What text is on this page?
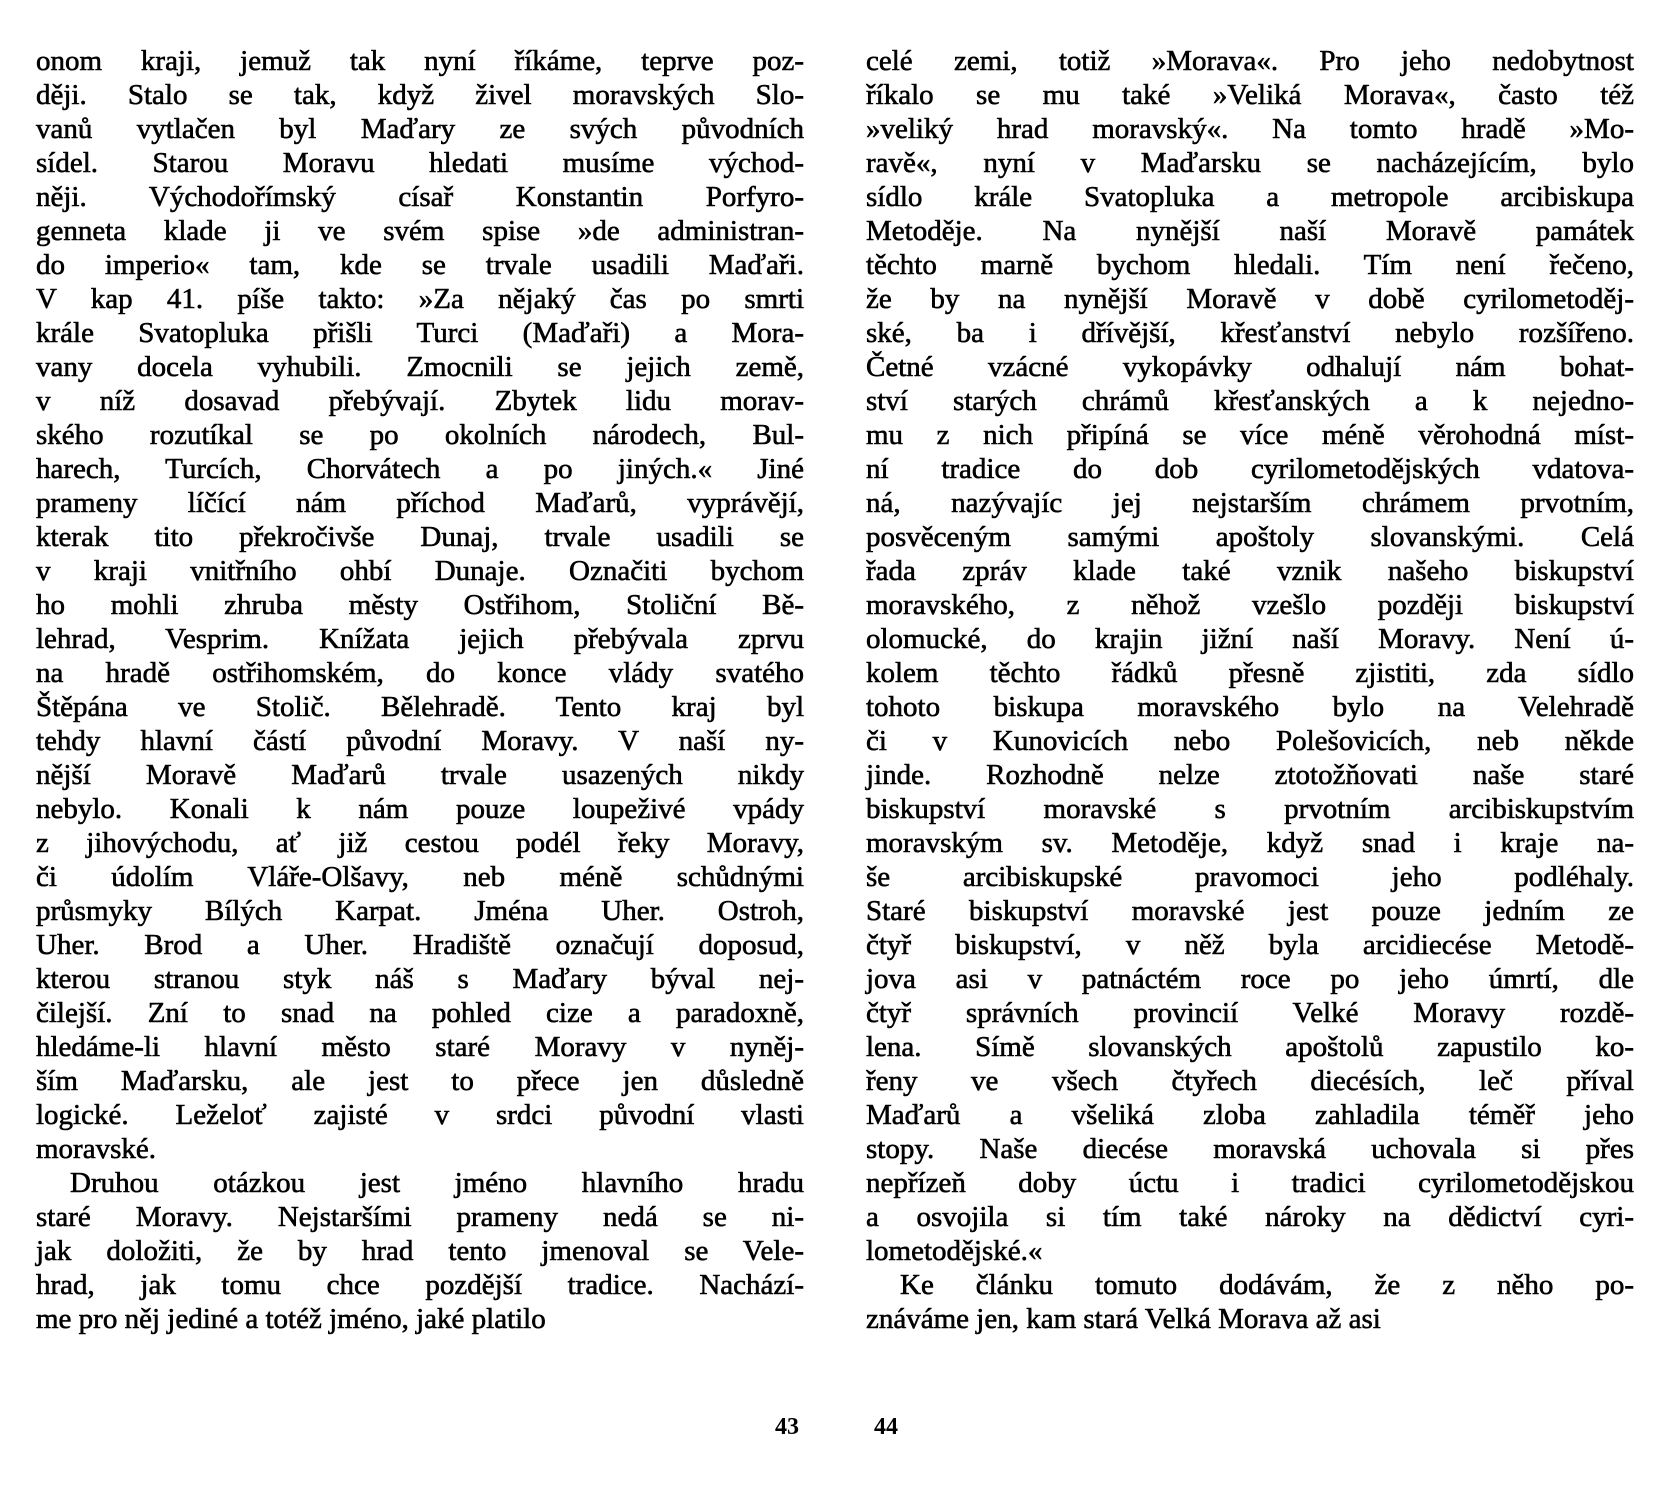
onom kraji, jemuž tak nyní říkáme, teprve poz-
ději. Stalo se tak, když živel moravských Slo-
vanů vytlačen byl Maďary ze svých původních
sídel. Starou Moravu hledati musíme východ-
něji. Východořímský císař Konstantin Porfyro-
genneta klade ji ve svém spise »de administran-
do imperio« tam, kde se trvale usadili Maďaři.
V kap 41. píše takto: »Za nějaký čas po smrti
krále Svatopluka přišli Turci (Maďaři) a Mora-
vany docela vyhubili. Zmocnili se jejich země,
v níž dosavad přebývají. Zbytek lidu morav-
ského rozutíkal se po okolních národech, Bul-
harech, Turcích, Chorvátech a po jiných.« Jiné
prameny líčící nám příchod Maďarů, vyprávějí,
kterak tito překročivše Dunaj, trvale usadili se
v kraji vnitřního ohbí Dunaje. Označiti bychom
ho mohli zhruba městy Ostřihom, Stoliční Bě-
lehrad, Vesprim. Knížata jejich přebývala zprvu
na hradě ostřihomském, do konce vlády svatého
Štěpána ve Stolič. Bělehradě. Tento kraj byl
tehdy hlavní částí původní Moravy. V naší ny-
nější Moravě Maďarů trvale usazených nikdy
nebylo. Konali k nám pouze loupeživé vpády
z jihovýchodu, ať již cestou podél řeky Moravy,
či údolím Vláře-Olšavy, neb méně schůdnými
průsmyky Bílých Karpat. Jména Uher. Ostroh,
Uher. Brod a Uher. Hradiště označují doposud,
kterou stranou styk náš s Maďary býval nej-
čilejší. Zní to snad na pohled cize a paradoxně,
hledáme-li hlavní město staré Moravy v nyněj-
ším Maďarsku, ale jest to přece jen důsledně
logické. Leželoť zajisté v srdci původní vlasti
moravské.
Druhou otázkou jest jméno hlavního hradu
staré Moravy. Nejstaršími prameny nedá se ni-
jak doložiti, že by hrad tento jmenoval se Vele-
hrad, jak tomu chce pozdější tradice. Nachází-
me pro něj jediné a totéž jméno, jaké platilo
celé zemi, totiž »Morava«. Pro jeho nedobytnost
říkalo se mu také »Veliká Morava«, často též
»veliký hrad moravský«. Na tomto hradě »Mo-
ravě«, nyní v Maďarsku se nacházejícím, bylo
sídlo krále Svatopluka a metropole arcibiskupa
Metoděje. Na nynější naší Moravě památek
těchto marně bychom hledali. Tím není řečeno,
že by na nynější Moravě v době cyrilometoděj-
ské, ba i dřívější, křesťanství nebylo rozšířeno.
Četné vzácné vykopávky odhalují nám bohat-
ství starých chrámů křesťanských a k nejedno-
mu z nich připíná se více méně věrohodná míst-
ní tradice do dob cyrilometodějských vdatova-
ná, nazývajíc jej nejstarším chrámem prvotním,
posvěceným samými apoštoly slovanskými. Celá
řada zpráv klade také vznik našeho biskupství
moravského, z něhož vzešlo později biskupství
olomucké, do krajin jižní naší Moravy. Není ú-
kolem těchto řádků přesně zjistiti, zda sídlo
tohoto biskupa moravského bylo na Velehradě
či v Kunovicích nebo Polešovicích, neb někde
jinde. Rozhodně nelze ztotožňovati naše staré
biskupství moravské s prvotním arcibiskupstvím
moravským sv. Metoděje, když snad i kraje na-
še arcibiskupské pravomoci jeho podléhaly.
Staré biskupství moravské jest pouze jedním ze
čtyř biskupství, v něž byla arcidiecése Metodě-
jova asi v patnáctém roce po jeho úmrtí, dle
čtyř správních provincií Velké Moravy rozdě-
lena. Símě slovanských apoštolů zapustilo ko-
řeny ve všech čtyřech diecésích, leč příval
Maďarů a všeliká zloba zahladila téměř jeho
stopy. Naše diecése moravská uchovala si přes
nepřízeň doby úctu i tradici cyrilometodějskou
a osvojila si tím také nároky na dědictví cyri-
lometodějské.«
Ke článku tomuto dodávám, že z něho po-
znáváme jen, kam stará Velká Morava až asi
43	44
